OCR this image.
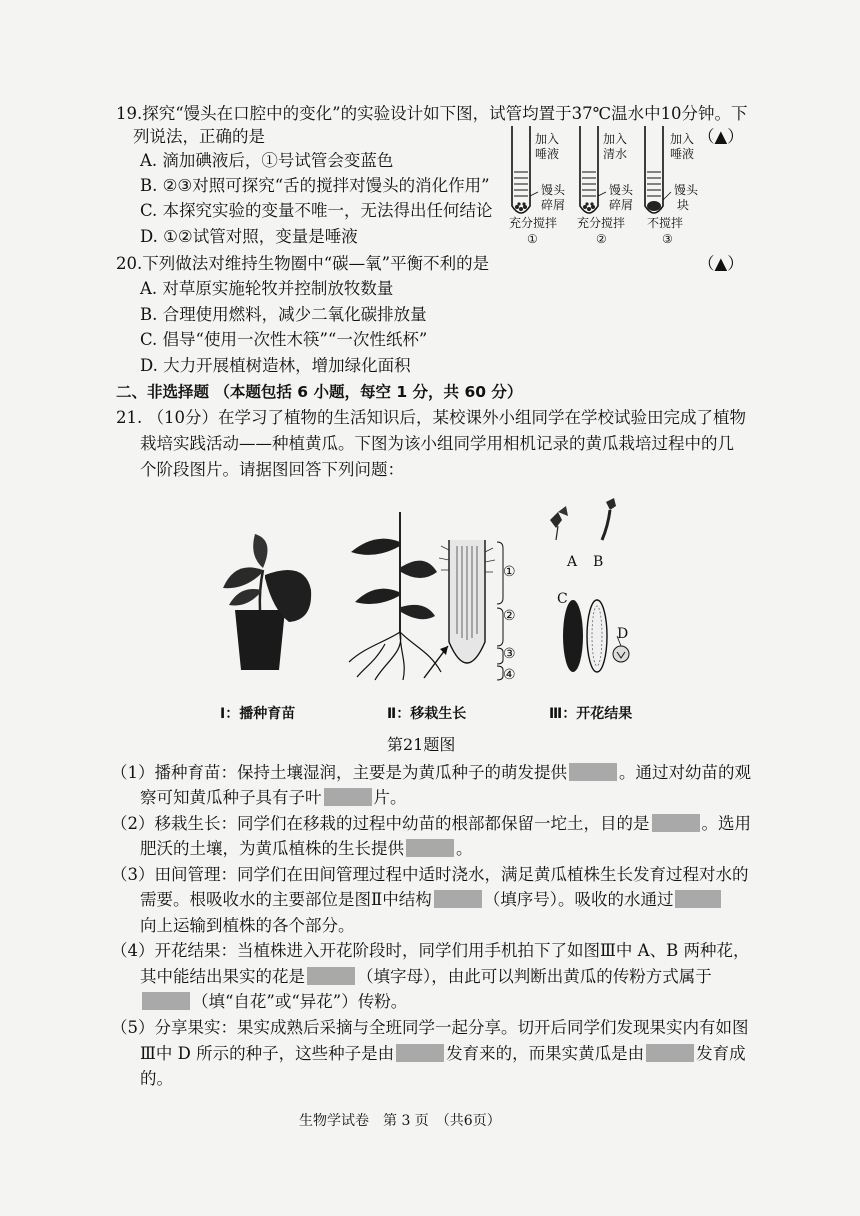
19.探究“馒头在口腔中的变化”的实验设计如下图，试管均置于37℃温水中10分钟。下
列说法，正确的是	（▲）
A. 滴加碘液后，①号试管会变蓝色
B. ②③对照可探究“舌的搅拌对馒头的消化作用”
C. 本探究实验的变量不唯一，无法得出任何结论
D. ①②试管对照，变量是唾液
加入
唾液
加入
清水
加入
唾液
馒头
碎屑
馒头
碎屑
馒头
块
充分搅拌 充分搅拌 不搅拌
①	②	③
20.下列做法对维持生物圈中“碳—氧”平衡不利的是	（▲）
A. 对草原实施轮牧并控制放牧数量
B. 合理使用燃料，减少二氧化碳排放量
C. 倡导“使用一次性木筷”“一次性纸杯”
D. 大力开展植树造林，增加绿化面积
二、非选择题 （本题包括 6 小题，每空 1 分，共 60 分）
21. （10分）在学习了植物的生活知识后，某校课外小组同学在学校试验田完成了植物
栽培实践活动——种植黄瓜。下图为该小组同学用相机记录的黄瓜栽培过程中的几
个阶段图片。请据图回答下列问题：
①
②
③
④
A B
C
D
Ⅰ：播种育苗	Ⅱ：移栽生长	Ⅲ：开花结果
第21题图
（1）播种育苗：保持土壤湿润，主要是为黄瓜种子的萌发提供	。通过对幼苗的观
察可知黄瓜种子具有子叶	片。
（2）移栽生长：同学们在移栽的过程中幼苗的根部都保留一坨土，目的是	。选用
肥沃的土壤，为黄瓜植株的生长提供	。
（3）田间管理：同学们在田间管理过程中适时浇水，满足黄瓜植株生长发育过程对水的
需要。根吸收水的主要部位是图Ⅱ中结构	（填序号）。吸收的水通过
向上运输到植株的各个部分。
（4）开花结果：当植株进入开花阶段时，同学们用手机拍下了如图Ⅲ中 A、B 两种花，
其中能结出果实的花是	（填字母），由此可以判断出黄瓜的传粉方式属于
（填“自花”或“异花”）传粉。
（5）分享果实：果实成熟后采摘与全班同学一起分享。切开后同学们发现果实内有如图
Ⅲ中 D 所示的种子，这些种子是由	发育来的，而果实黄瓜是由	发育成
的。
生物学试卷　第 3 页　（共6页）
